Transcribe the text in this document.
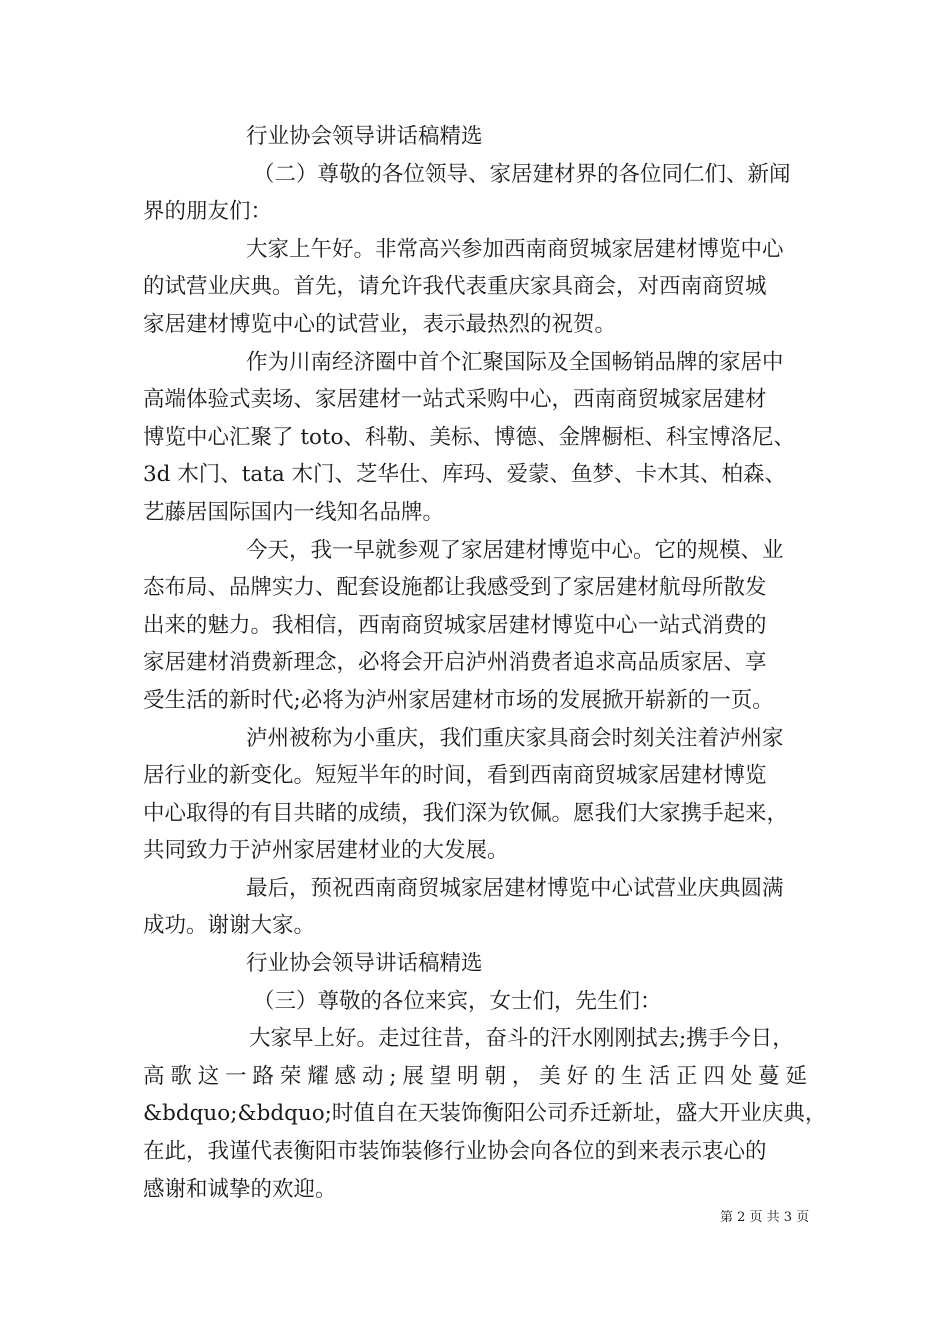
行业协会领导讲话稿精选
（二）尊敬的各位领导、家居建材界的各位同仁们、新闻
界的朋友们：
大家上午好。非常高兴参加西南商贸城家居建材博览中心
的试营业庆典。首先，请允许我代表重庆家具商会，对西南商贸城
家居建材博览中心的试营业，表示最热烈的祝贺。
作为川南经济圈中首个汇聚国际及全国畅销品牌的家居中
高端体验式卖场、家居建材一站式采购中心，西南商贸城家居建材
博览中心汇聚了 toto、科勒、美标、博德、金牌橱柜、科宝博洛尼、
3d 木门、tata 木门、芝华仕、库玛、爱蒙、鱼梦、卡木其、柏森、
艺藤居国际国内一线知名品牌。
今天，我一早就参观了家居建材博览中心。它的规模、业
态布局、品牌实力、配套设施都让我感受到了家居建材航母所散发
出来的魅力。我相信，西南商贸城家居建材博览中心一站式消费的
家居建材消费新理念，必将会开启泸州消费者追求高品质家居、享
受生活的新时代;必将为泸州家居建材市场的发展掀开崭新的一页。
泸州被称为小重庆，我们重庆家具商会时刻关注着泸州家
居行业的新变化。短短半年的时间，看到西南商贸城家居建材博览
中心取得的有目共睹的成绩，我们深为钦佩。愿我们大家携手起来，
共同致力于泸州家居建材业的大发展。
最后，预祝西南商贸城家居建材博览中心试营业庆典圆满
成功。谢谢大家。
行业协会领导讲话稿精选
（三）尊敬的各位来宾，女士们，先生们：
大家早上好。走过往昔，奋斗的汗水刚刚拭去;携手今日，
高歌这一路荣耀感动;展望明朝，美好的生活正四处蔓延
&bdquo;&bdquo;时值自在天装饰衡阳公司乔迁新址，盛大开业庆典，
在此，我谨代表衡阳市装饰装修行业协会向各位的到来表示衷心的
感谢和诚挚的欢迎。
第 2 页 共 3 页
